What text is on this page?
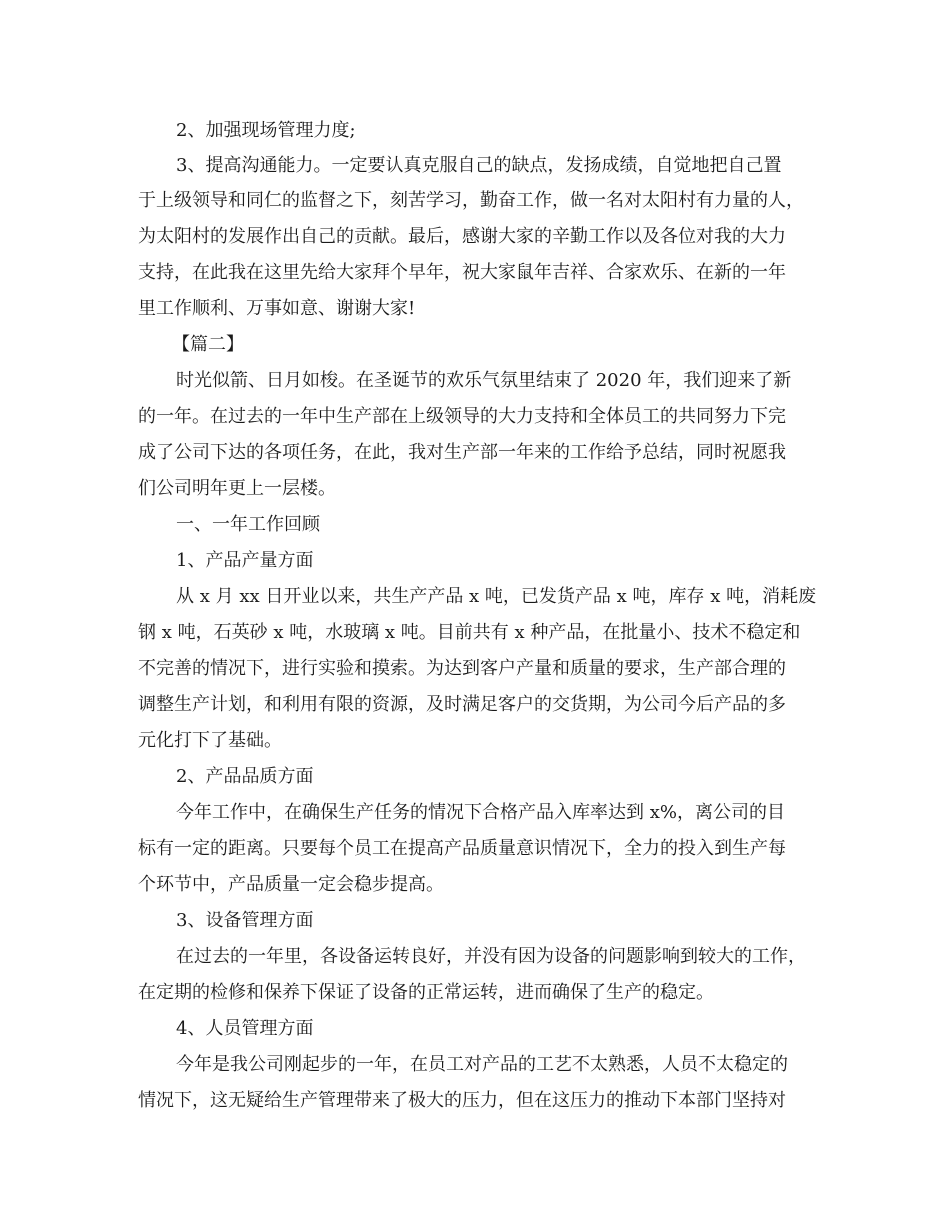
2、加强现场管理力度;
3、提高沟通能力。一定要认真克服自己的缺点，发扬成绩，自觉地把自己置
于上级领导和同仁的监督之下，刻苦学习，勤奋工作，做一名对太阳村有力量的人，
为太阳村的发展作出自己的贡献。最后，感谢大家的辛勤工作以及各位对我的大力
支持，在此我在这里先给大家拜个早年，祝大家鼠年吉祥、合家欢乐、在新的一年
里工作顺利、万事如意、谢谢大家!
【篇二】
时光似箭、日月如梭。在圣诞节的欢乐气氛里结束了 2020 年，我们迎来了新
的一年。在过去的一年中生产部在上级领导的大力支持和全体员工的共同努力下完
成了公司下达的各项任务，在此，我对生产部一年来的工作给予总结，同时祝愿我
们公司明年更上一层楼。
一、一年工作回顾
1、产品产量方面
从 x 月 xx 日开业以来，共生产产品 x 吨，已发货产品 x 吨，库存 x 吨，消耗废
钢 x 吨，石英砂 x 吨，水玻璃 x 吨。目前共有 x 种产品，在批量小、技术不稳定和
不完善的情况下，进行实验和摸索。为达到客户产量和质量的要求，生产部合理的
调整生产计划，和利用有限的资源，及时满足客户的交货期，为公司今后产品的多
元化打下了基础。
2、产品品质方面
今年工作中，在确保生产任务的情况下合格产品入库率达到 x%，离公司的目
标有一定的距离。只要每个员工在提高产品质量意识情况下，全力的投入到生产每
个环节中，产品质量一定会稳步提高。
3、设备管理方面
在过去的一年里，各设备运转良好，并没有因为设备的问题影响到较大的工作，
在定期的检修和保养下保证了设备的正常运转，进而确保了生产的稳定。
4、人员管理方面
今年是我公司刚起步的一年，在员工对产品的工艺不太熟悉，人员不太稳定的
情况下，这无疑给生产管理带来了极大的压力，但在这压力的推动下本部门坚持对
